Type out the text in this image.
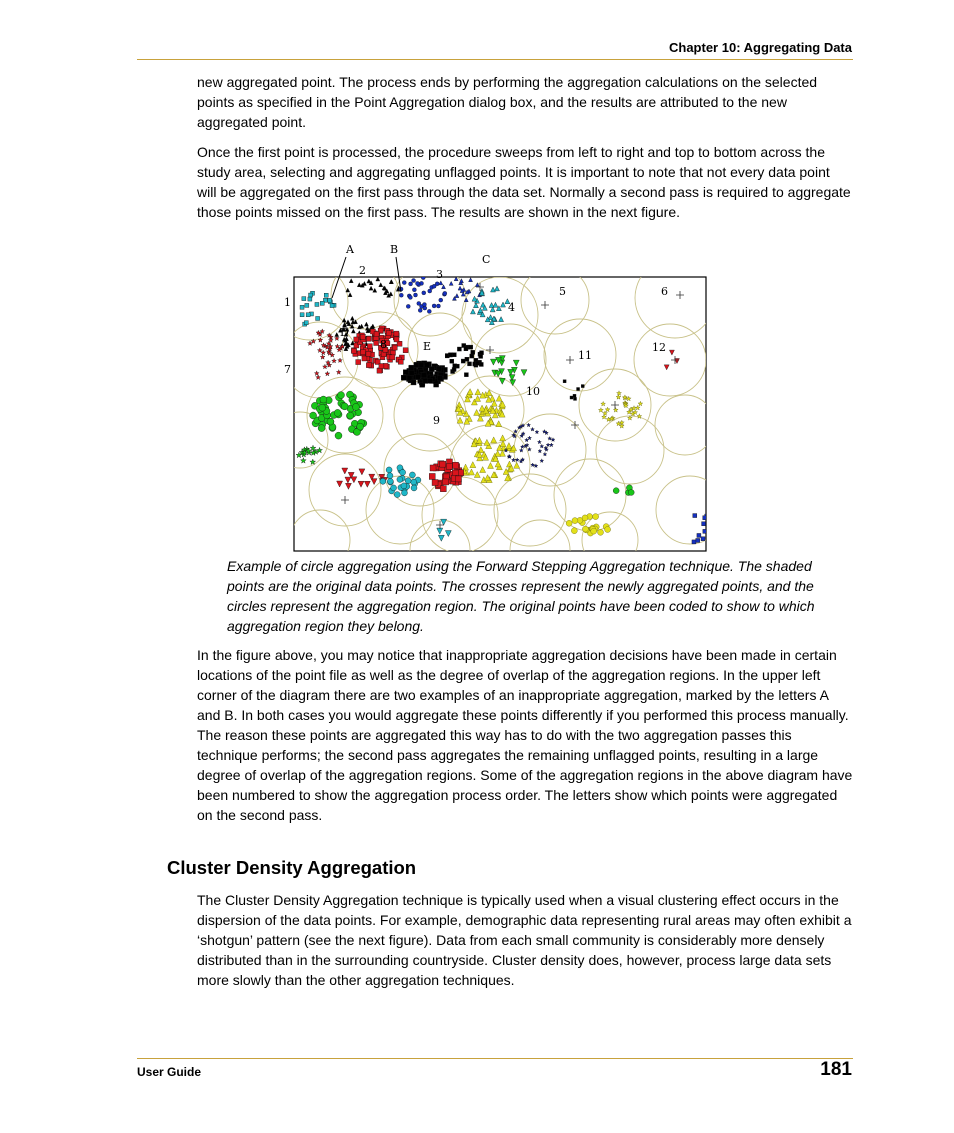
Chapter 10: Aggregating Data

new aggregated point. The process ends by performing the aggregation calculations on the selected points as specified in the Point Aggregation dialog box, and the results are attributed to the new aggregated point.

Once the first point is processed, the procedure sweeps from left to right and top to bottom across the study area, selecting and aggregating unflagged points. It is important to note that not every data point will be aggregated on the first pass through the data set. Normally a second pass is required to aggregate those points missed on the first pass. The results are shown in the next figure.

A	B
C
D
E
1
2	3
4
5	6
7
8
9
10
11
12

Example of circle aggregation using the Forward Stepping Aggregation technique. The shaded points are the original data points. The crosses represent the newly aggregated points, and the circles represent the aggregation region. The original points have been coded to show to which aggregation region they belong.

In the figure above, you may notice that inappropriate aggregation decisions have been made in certain locations of the point file as well as the degree of overlap of the aggregation regions. In the upper left corner of the diagram there are two examples of an inappropriate aggregation, marked by the letters A and B. In both cases you would aggregate these points differently if you performed this process manually. The reason these points are aggregated this way has to do with the two aggregation passes this technique performs; the second pass aggregates the remaining unflagged points, resulting in a large degree of overlap of the aggregation regions. Some of the aggregation regions in the above diagram have been numbered to show the aggregation process order. The letters show which points were aggregated on the second pass.

Cluster Density Aggregation

The Cluster Density Aggregation technique is typically used when a visual clustering effect occurs in the dispersion of the data points. For example, demographic data representing rural areas may often exhibit a ‘shotgun’ pattern (see the next figure). Data from each small community is considerably more densely distributed than in the surrounding countryside. Cluster density does, however, process large data sets more slowly than the other aggregation techniques.

User Guide	181
